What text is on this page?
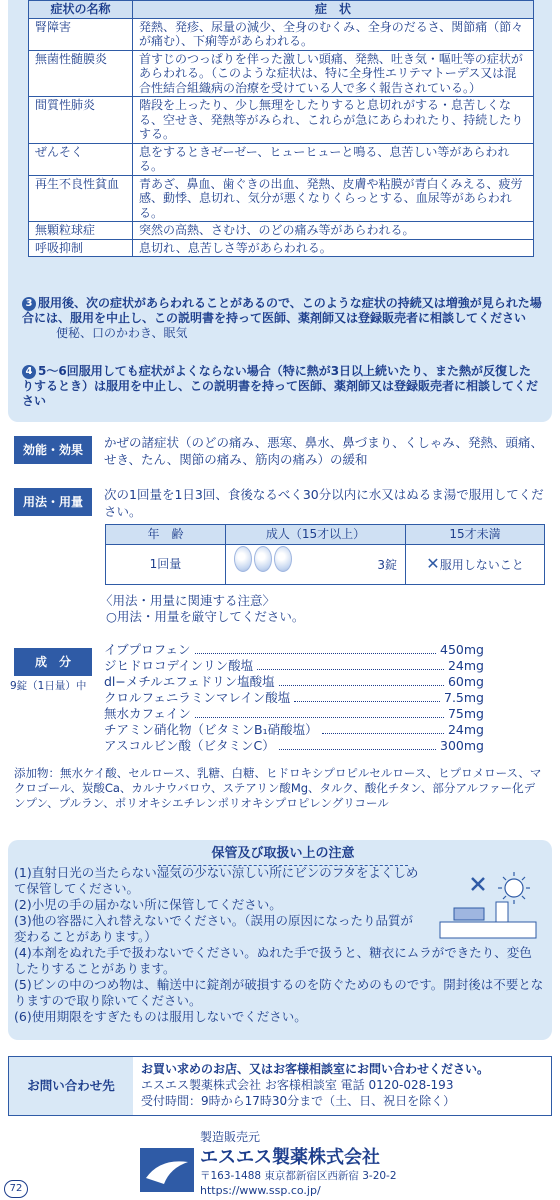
症状の名称	症　状
腎障害	発熱、発疹、尿量の減少、全身のむくみ、全身のだるさ、関節痛（節々が痛む）、下痢等があらわれる。
無菌性髄膜炎	首すじのつっぱりを伴った激しい頭痛、発熱、吐き気・嘔吐等の症状があらわれる。（このような症状は、特に全身性エリテマトーデス又は混合性結合組織病の治療を受けている人で多く報告されている。）
間質性肺炎	階段を上ったり、少し無理をしたりすると息切れがする・息苦しくなる、空せき、発熱等がみられ、これらが急にあらわれたり、持続したりする。
ぜんそく	息をするときゼーゼー、ヒューヒューと鳴る、息苦しい等があらわれる。
再生不良性貧血	青あざ、鼻血、歯ぐきの出血、発熱、皮膚や粘膜が青白くみえる、疲労感、動悸、息切れ、気分が悪くなりくらっとする、血尿等があらわれる。
無顆粒球症	突然の高熱、さむけ、のどの痛み等があらわれる。
呼吸抑制	息切れ、息苦しさ等があらわれる。
3 服用後、次の症状があらわれることがあるので、このような症状の持続又は増強が見られた場合には、服用を中止し、この説明書を持って医師、薬剤師又は登録販売者に相談してください
便秘、口のかわき、眠気
4 5～6回服用しても症状がよくならない場合（特に熱が3日以上続いたり、また熱が反復したりするとき）は服用を中止し、この説明書を持って医師、薬剤師又は登録販売者に相談してください
効能・効果	かぜの諸症状（のどの痛み、悪寒、鼻水、鼻づまり、くしゃみ、発熱、頭痛、せき、たん、関節の痛み、筋肉の痛み）の緩和
用法・用量	次の1回量を1日3回、食後なるべく30分以内に水又はぬるま湯で服用してください。
年　齢	成人（15才以上）	15才未満
1回量	3錠	✕服用しないこと
〈用法・用量に関連する注意〉
○用法・用量を厳守してください。
成　分
9錠（1日量）中
イブプロフェン	450mg
ジヒドロコデインリン酸塩	24mg
dl−メチルエフェドリン塩酸塩	60mg
クロルフェニラミンマレイン酸塩	7.5mg
無水カフェイン	75mg
チアミン硝化物（ビタミンB₁硝酸塩）	24mg
アスコルビン酸（ビタミンC）	300mg
添加物：無水ケイ酸、セルロース、乳糖、白糖、ヒドロキシプロピルセルロース、ヒプロメロース、マクロゴール、炭酸Ca、カルナウバロウ、ステアリン酸Mg、タルク、酸化チタン、部分アルファー化デンプン、プルラン、ポリオキシエチレンポリオキシプロピレングリコール
保管及び取扱い上の注意
(1)直射日光の当たらない湿気の少ない涼しい所にビンのフタをよくしめて保管してください。
(2)小児の手の届かない所に保管してください。
(3)他の容器に入れ替えないでください。（誤用の原因になったり品質が変わることがあります。）
(4)本剤をぬれた手で扱わないでください。ぬれた手で扱うと、糖衣にムラができたり、変色したりすることがあります。
(5)ビンの中のつめ物は、輸送中に錠剤が破損するのを防ぐためのものです。開封後は不要となりますので取り除いてください。
(6)使用期限をすぎたものは服用しないでください。
お問い合わせ先
お買い求めのお店、又はお客様相談室にお問い合わせください。
エスエス製薬株式会社 お客様相談室 電話 0120-028-193
受付時間：9時から17時30分まで（土、日、祝日を除く）
製造販売元
エスエス製薬株式会社
〒163-1488 東京都新宿区西新宿 3-20-2
https://www.ssp.co.jp/
72
